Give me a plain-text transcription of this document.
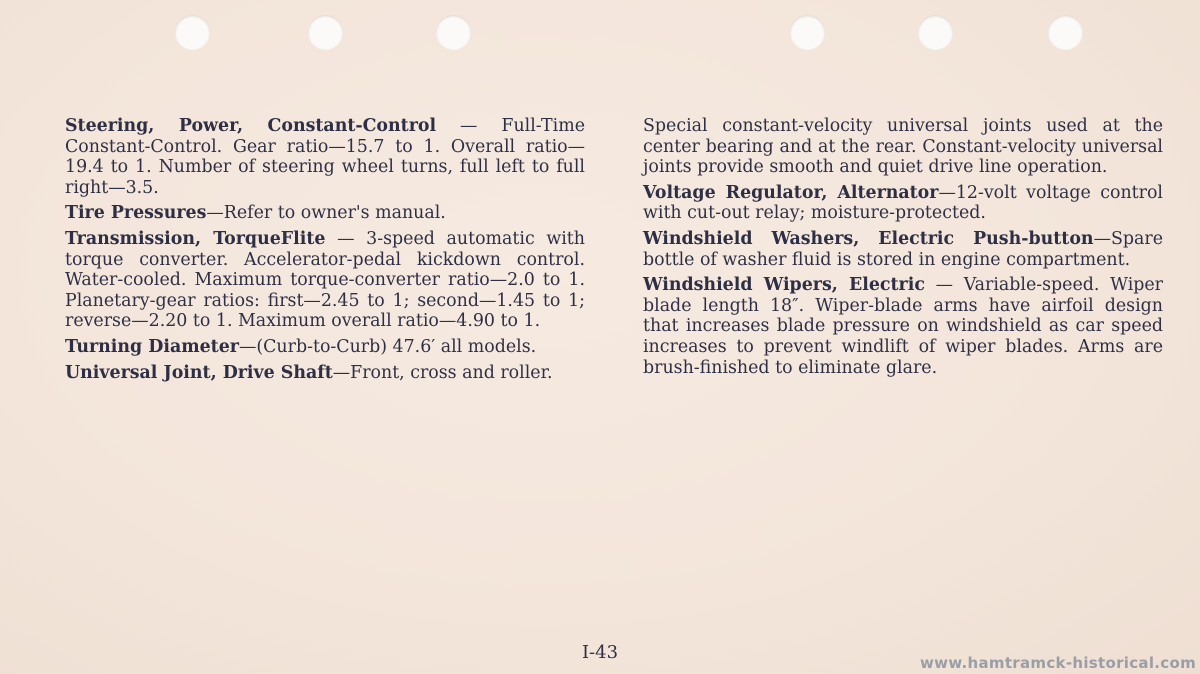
Steering, Power, Constant-Control — Full-Time Constant-Control. Gear ratio—15.7 to 1. Overall ratio—19.4 to 1. Number of steering wheel turns, full left to full right—3.5.

Tire Pressures—Refer to owner's manual.

Transmission, TorqueFlite — 3-speed automatic with torque converter. Accelerator-pedal kickdown control. Water-cooled. Maximum torque-converter ratio—2.0 to 1. Planetary-gear ratios: first—2.45 to 1; second—1.45 to 1; reverse—2.20 to 1. Maximum overall ratio—4.90 to 1.

Turning Diameter—(Curb-to-Curb) 47.6′ all models.

Universal Joint, Drive Shaft—Front, cross and roller.

Special constant-velocity universal joints used at the center bearing and at the rear. Constant-velocity universal joints provide smooth and quiet drive line operation.

Voltage Regulator, Alternator—12-volt voltage control with cut-out relay; moisture-protected.

Windshield Washers, Electric Push-button—Spare bottle of washer fluid is stored in engine compartment.

Windshield Wipers, Electric — Variable-speed. Wiper blade length 18″. Wiper-blade arms have airfoil design that increases blade pressure on windshield as car speed increases to prevent windlift of wiper blades. Arms are brush-finished to eliminate glare.

I-43	www.hamtramck-historical.com
